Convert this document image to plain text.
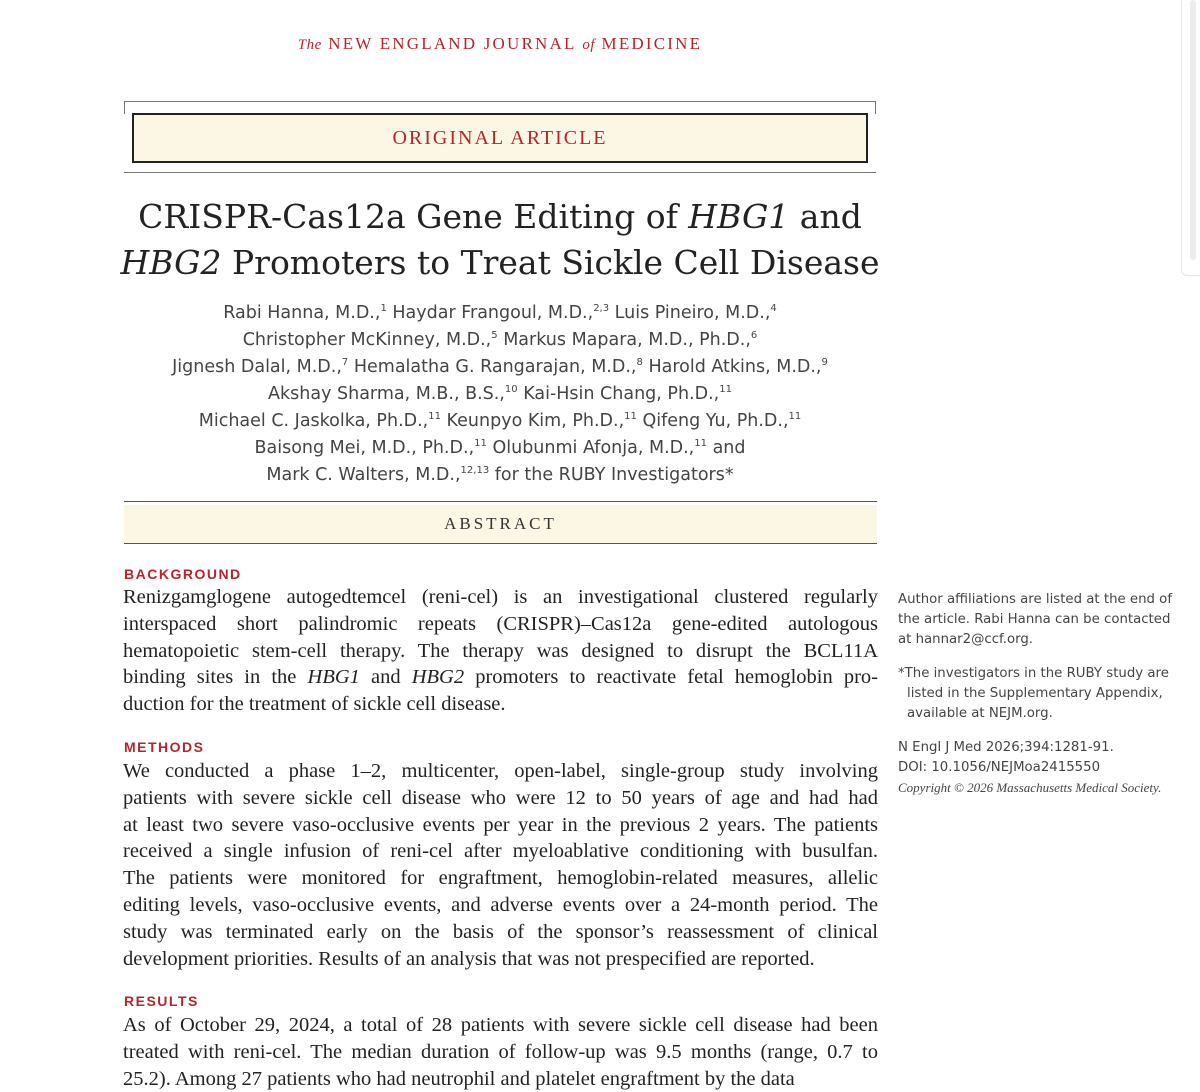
The NEW ENGLAND JOURNAL of MEDICINE
ORIGINAL ARTICLE
CRISPR-Cas12a Gene Editing of HBG1 and
HBG2 Promoters to Treat Sickle Cell Disease
Rabi Hanna, M.D.,$^1$ Haydar Frangoul, M.D.,$^{2,3}$ Luis Pineiro, M.D.,$^4$
Christopher McKinney, M.D.,$^5$ Markus Mapara, M.D., Ph.D.,$^6$
Jignesh Dalal, M.D.,$^7$ Hemalatha G. Rangarajan, M.D.,$^8$ Harold Atkins, M.D.,$^9$
Akshay Sharma, M.B., B.S.,$^{10}$ Kai-Hsin Chang, Ph.D.,$^{11}$
Michael C. Jaskolka, Ph.D.,$^{11}$ Keunpyo Kim, Ph.D.,$^{11}$ Qifeng Yu, Ph.D.,$^{11}$
Baisong Mei, M.D., Ph.D.,$^{11}$ Olubunmi Afonja, M.D.,$^{11}$ and
Mark C. Walters, M.D.,$^{12,13}$ for the RUBY Investigators*
ABSTRACT
BACKGROUND
Renizgamglogene autogedtemcel (reni-cel) is an investigational clustered regularly
interspaced short palindromic repeats (CRISPR)–Cas12a gene-edited autologous
hematopoietic stem-cell therapy. The therapy was designed to disrupt the BCL11A
binding sites in the HBG1 and HBG2 promoters to reactivate fetal hemoglobin pro-
duction for the treatment of sickle cell disease.
METHODS
We conducted a phase 1–2, multicenter, open-label, single-group study involving
patients with severe sickle cell disease who were 12 to 50 years of age and had had
at least two severe vaso-occlusive events per year in the previous 2 years. The patients
received a single infusion of reni-cel after myeloablative conditioning with busulfan.
The patients were monitored for engraftment, hemoglobin-related measures, allelic
editing levels, vaso-occlusive events, and adverse events over a 24-month period. The
study was terminated early on the basis of the sponsor’s reassessment of clinical
development priorities. Results of an analysis that was not prespecified are reported.
RESULTS
As of October 29, 2024, a total of 28 patients with severe sickle cell disease had been
treated with reni-cel. The median duration of follow-up was 9.5 months (range, 0.7 to
25.2). Among 27 patients who had neutrophil and platelet engraftment by the data
Author affiliations are listed at the end of
the article. Rabi Hanna can be contacted
at hannar2@ccf.org.
*The investigators in the RUBY study are
listed in the Supplementary Appendix,
available at NEJM.org.
N Engl J Med 2026;394:1281-91.
DOI: 10.1056/NEJMoa2415550
Copyright © 2026 Massachusetts Medical Society.
